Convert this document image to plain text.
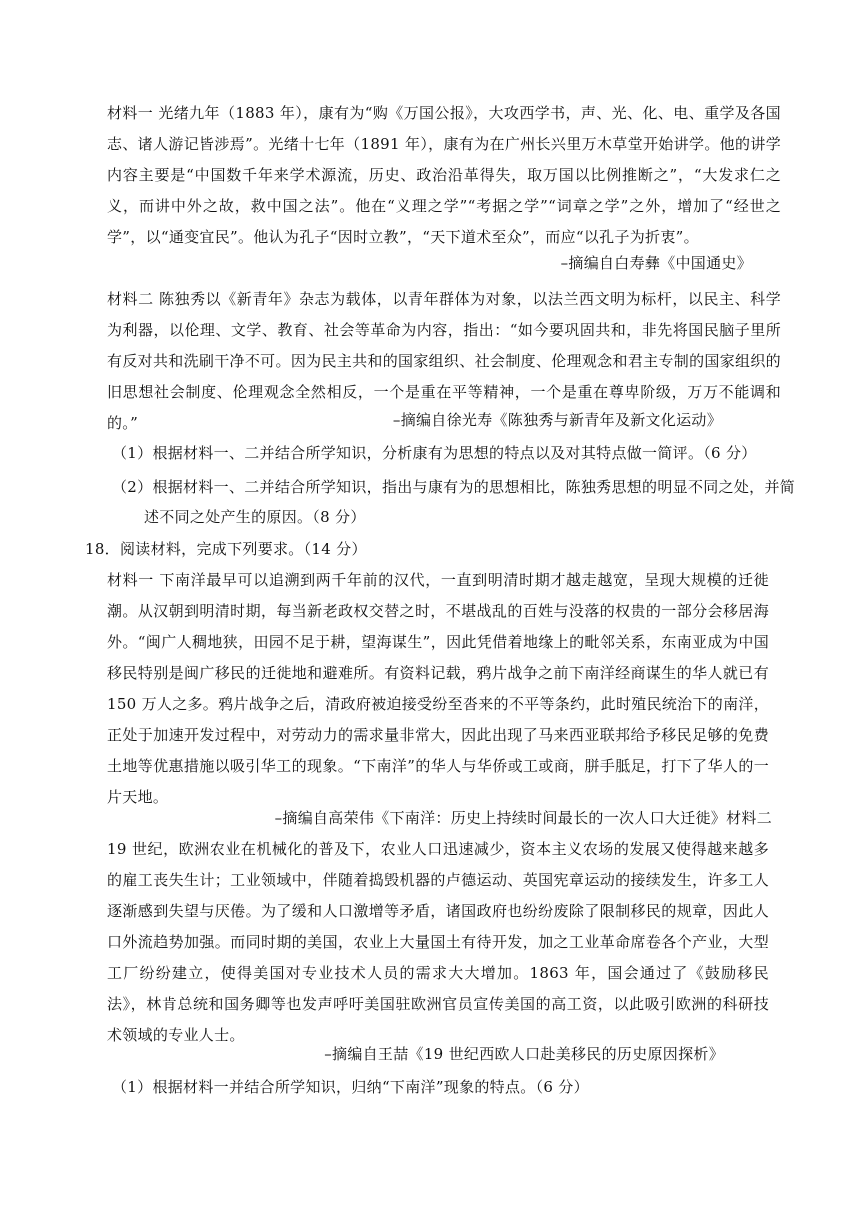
材料一 光绪九年（1883 年），康有为“购《万国公报》，大攻西学书，声、光、化、电、重学及各国志、诸人游记皆涉焉”。光绪十七年（1891 年），康有为在广州长兴里万木草堂开始讲学。他的讲学内容主要是“中国数千年来学术源流，历史、政治沿革得失，取万国以比例推断之”，“大发求仁之义，而讲中外之故，救中国之法”。他在“义理之学”“考据之学”“词章之学”之外，增加了“经世之学”，以“通变宜民”。他认为孔子“因时立教”，“天下道术至众”，而应“以孔子为折衷”。

–摘编自白寿彝《中国通史》

材料二 陈独秀以《新青年》杂志为载体，以青年群体为对象，以法兰西文明为标杆，以民主、科学为利器，以伦理、文学、教育、社会等革命为内容，指出：“如今要巩固共和，非先将国民脑子里所有反对共和洗刷干净不可。因为民主共和的国家组织、社会制度、伦理观念和君主专制的国家组织的旧思想社会制度、伦理观念全然相反，一个是重在平等精神，一个是重在尊卑阶级，万万不能调和的。”	–摘编自徐光寿《陈独秀与新青年及新文化运动》

（1）根据材料一、二并结合所学知识，分析康有为思想的特点以及对其特点做一简评。（6 分）

（2）根据材料一、二并结合所学知识，指出与康有为的思想相比，陈独秀思想的明显不同之处，并简

述不同之处产生的原因。（8 分）

18．阅读材料，完成下列要求。（14 分）

材料一 下南洋最早可以追溯到两千年前的汉代，一直到明清时期才越走越宽，呈现大规模的迁徙潮。从汉朝到明清时期，每当新老政权交替之时，不堪战乱的百姓与没落的权贵的一部分会移居海外。“闽广人稠地狭，田园不足于耕，望海谋生”，因此凭借着地缘上的毗邻关系，东南亚成为中国移民特别是闽广移民的迁徙地和避难所。有资料记载，鸦片战争之前下南洋经商谋生的华人就已有 150 万人之多。鸦片战争之后，清政府被迫接受纷至沓来的不平等条约，此时殖民统治下的南洋，正处于加速开发过程中，对劳动力的需求量非常大，因此出现了马来西亚联邦给予移民足够的免费土地等优惠措施以吸引华工的现象。“下南洋”的华人与华侨或工或商，胼手胝足，打下了华人的一片天地。

–摘编自高荣伟《下南洋：历史上持续时间最长的一次人口大迁徙》材料二

19 世纪，欧洲农业在机械化的普及下，农业人口迅速减少，资本主义农场的发展又使得越来越多的雇工丧失生计；工业领域中，伴随着捣毁机器的卢德运动、英国宪章运动的接续发生，许多工人逐渐感到失望与厌倦。为了缓和人口激增等矛盾，诸国政府也纷纷废除了限制移民的规章，因此人口外流趋势加强。而同时期的美国，农业上大量国土有待开发，加之工业革命席卷各个产业，大型工厂纷纷建立，使得美国对专业技术人员的需求大大增加。1863 年，国会通过了《鼓励移民法》，林肯总统和国务卿等也发声呼吁美国驻欧洲官员宣传美国的高工资，以此吸引欧洲的科研技术领域的专业人士。

–摘编自王喆《19 世纪西欧人口赴美移民的历史原因探析》

（1）根据材料一并结合所学知识，归纳“下南洋”现象的特点。（6 分）
